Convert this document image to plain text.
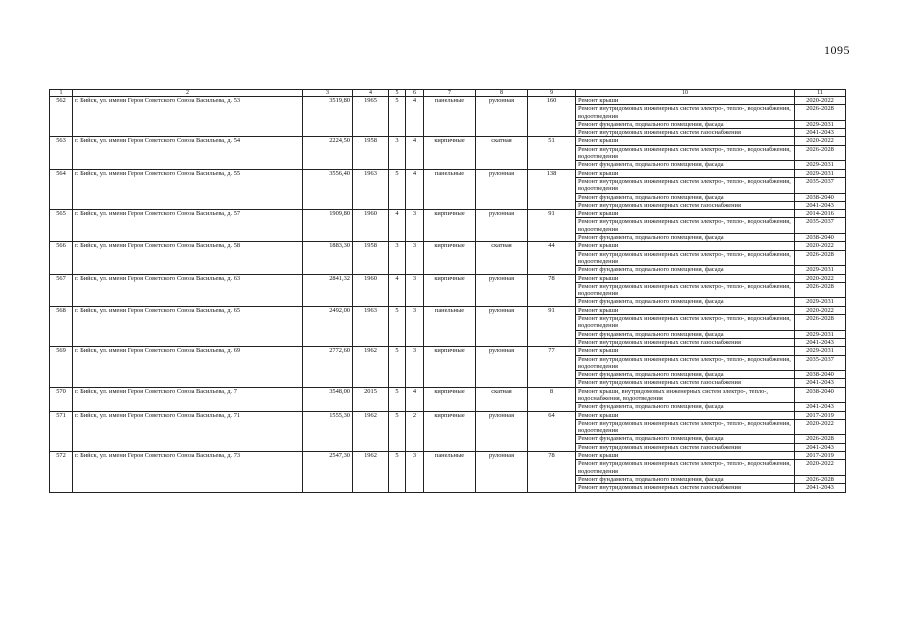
1095
1	2	3	4	5	6	7	8	9	10	11
562	г. Бийск, ул. имени Героя Советского Союза Васильева, д. 53	3519,80	1965	5	4	панельные	рулонная	160	Ремонт крыши	2020-2022
									Ремонт внутридомовых инженерных систем электро-, тепло-, водоснабжения, водоотведения	2026-2028
									Ремонт фундамента, подвального помещения, фасада	2029-2031
									Ремонт внутридомовых инженерных систем газоснабжения	2041-2043
563	г. Бийск, ул. имени Героя Советского Союза Васильева, д. 54	2224,50	1958	3	4	кирпичные	скатная	51	Ремонт крыши	2020-2022
									Ремонт внутридомовых инженерных систем электро-, тепло-, водоснабжения, водоотведения	2026-2028
									Ремонт фундамента, подвального помещения, фасада	2029-2031
564	г. Бийск, ул. имени Героя Советского Союза Васильева, д. 55	3556,40	1963	5	4	панельные	рулонная	138	Ремонт крыши	2029-2031
									Ремонт внутридомовых инженерных систем электро-, тепло-, водоснабжения, водоотведения	2035-2037
									Ремонт фундамента, подвального помещения, фасада	2038-2040
									Ремонт внутридомовых инженерных систем газоснабжения	2041-2043
565	г. Бийск, ул. имени Героя Советского Союза Васильева, д. 57	1909,80	1960	4	3	кирпичные	рулонная	91	Ремонт крыши	2014-2016
									Ремонт внутридомовых инженерных систем электро-, тепло-, водоснабжения, водоотведения	2035-2037
									Ремонт фундамента, подвального помещения, фасада	2038-2040
566	г. Бийск, ул. имени Героя Советского Союза Васильева, д. 58	1883,30	1958	3	3	кирпичные	скатная	44	Ремонт крыши	2020-2022
									Ремонт внутридомовых инженерных систем электро-, тепло-, водоснабжения, водоотведения	2026-2028
									Ремонт фундамента, подвального помещения, фасада	2029-2031
567	г. Бийск, ул. имени Героя Советского Союза Васильева, д. 63	2841,32	1960	4	3	кирпичные	рулонная	78	Ремонт крыши	2020-2022
									Ремонт внутридомовых инженерных систем электро-, тепло-, водоснабжения, водоотведения	2026-2028
									Ремонт фундамента, подвального помещения, фасада	2029-2031
568	г. Бийск, ул. имени Героя Советского Союза Васильева, д. 65	2492,00	1963	5	3	панельные	рулонная	91	Ремонт крыши	2020-2022
									Ремонт внутридомовых инженерных систем электро-, тепло-, водоснабжения, водоотведения	2026-2028
									Ремонт фундамента, подвального помещения, фасада	2029-2031
									Ремонт внутридомовых инженерных систем газоснабжения	2041-2043
569	г. Бийск, ул. имени Героя Советского Союза Васильева, д. 69	2772,60	1962	5	3	кирпичные	рулонная	77	Ремонт крыши	2029-2031
									Ремонт внутридомовых инженерных систем электро-, тепло-, водоснабжения, водоотведения	2035-2037
									Ремонт фундамента, подвального помещения, фасада	2038-2040
									Ремонт внутридомовых инженерных систем газоснабжения	2041-2043
570	г. Бийск, ул. имени Героя Советского Союза Васильева, д. 7	3548,00	2015	5	4	кирпичные	скатная	8	Ремонт крыши, внутридомовых инженерных систем электро-, тепло-, водоснабжения, водоотведения	2038-2040
									Ремонт фундамента, подвального помещения, фасада	2041-2043
571	г. Бийск, ул. имени Героя Советского Союза Васильева, д. 71	1555,30	1962	5	2	кирпичные	рулонная	64	Ремонт крыши	2017-2019
									Ремонт внутридомовых инженерных систем электро-, тепло-, водоснабжения, водоотведения	2020-2022
									Ремонт фундамента, подвального помещения, фасада	2026-2028
									Ремонт внутридомовых инженерных систем газоснабжения	2041-2043
572	г. Бийск, ул. имени Героя Советского Союза Васильева, д. 73	2547,30	1962	5	3	панельные	рулонная	78	Ремонт крыши	2017-2019
									Ремонт внутридомовых инженерных систем электро-, тепло-, водоснабжения, водоотведения	2020-2022
									Ремонт фундамента, подвального помещения, фасада	2026-2028
									Ремонт внутридомовых инженерных систем газоснабжения	2041-2043
